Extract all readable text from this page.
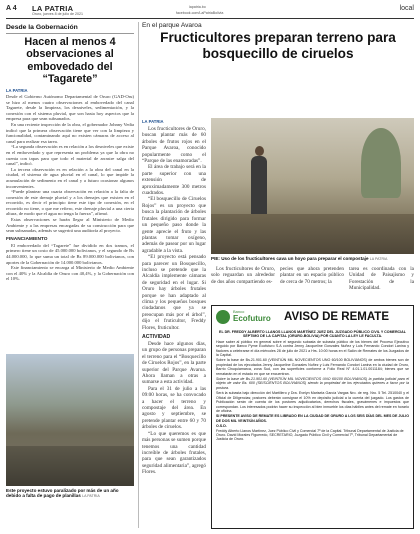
A 4 LA PATRIA
Oruro, jueves 8 de julio de 2021
lapatria.bo
facebook.com/LaPatriaBolivia
local
Desde la Gobernación
Hacen al menos 4 observaciones al embovedado del “Tagarete”
LA PATRIA

Desde el Gobierno Autónomo Departamental de Oruro (GAD-Oru) se hizo al menos cuatro observaciones al embovedado del canal Tagarete, desde la limpieza, los desniveles, sedimentación, y la conexión con el sistema pluvial, que son hasta hoy aspectos que la empresa para que sean subsanados.

En una reciente inspección de la obra, el gobernador Johnny Vedia indicó que la primera observación tiene que ver con la limpieza y funcionalidad, contaminando aquí no existen cámaras de acceso al canal para realizar esa tarea.

“La segunda observación es en relación a los desniveles que existe en el embovedado y que representa un problema ya que la obra no cuenta con tapas para que todo el material de arrastre salga del canal”, indicó.

La tercera observación es en relación a la obra del canal en la ciudad, el sistema de agua pluvial en el canal, lo que impide la acumulación de sedimento en el canal y a futuro ocasionar algunos inconvenientes.

“Puede plantear una cuarta observación en relación a la falta de conexión de este drenaje pluvial y a los drenajes que existen en el recorrido, es decir el principio tiene este tipo de conexión, en el recorrido no tiene, o que me refiero, este drenaje pluvial a una cierta altura, de modo que el agua no tenga la fuerza”, afirmó.

Estas observaciones se harán llegar al Ministerio de Medio Ambiente y a las empresas encargadas de su construcción para que sean subsanadas, además se sugerirá una auditoría al proyecto.

FINANCIAMIENTO

El embovedado del “Tagarete” fue dividido en dos tramos, el primero tiene un costo de 45.000.000 bolivianos, y el segundo de Bs 44.000.000, lo que suma un total de Bs 89.000.000 bolivianos, con aportes de la Gobernación de 14.000.000 bolivianos.

Este financiamiento se encarga al Ministerio de Medio Ambiente con el 40% y la Alcaldía de Oruro con 40,4%, y la Gobernación con el 10%.

Este proyecto estuvo paralizado por más de un año debido a falta de pago de planillas LA PATRIA
En el parque Avaroa
Fructicultores preparan terreno para bosquecillo de ciruelos
LA PATRIA

Los fructicultores de Oruro, buscan plantar más de 60 árboles de frutos rojos en el Parque Avaroa, conocido popularmente como el “Parque de las enamoradas”.

El área de trabajo será en la parte superior con una extensión de aproximadamente 300 metros cuadrados.

“El bosquecillo de Ciruelos Rojos” es un proyecto que busca la plantación de árboles frutales dirigido para formar un pequeño paso donde la gente aprecie el fruto y las plantas tomar oxígeno, además de pasear por un lugar agradable a la vista.

“El proyecto está pensado para parecer un Bosquecillo, incluso se pretende que la Alcaldía implemente cámaras de seguridad en el lugar. Si Oruro hay árboles frutales porque se han adaptado al clima y los pequeños bosques ciudadanos que ya se preocupan más por el árbol”, dijo el fruticultor, Freddy Flores, fruticultor.

ACTIVIDAD

Desde hace algunos días, un grupo de personas preparan el terreno para el “Bosquecillo de Ciruelos Rojos”, en la parte superior del Parque Avaroa. Ahora llaman a otras a sumarse a esta actividad.

Para el 31 de julio a las 09:00 horas, se ha convocado a hacer el terreno y compostaje del área. En agosto y septiembre, se pretende plantar entre 60 y 70 árboles de ciruelos.

“Lo que queremos es que más personas se sumen porque tenemos una cantidad increíble de árboles frutales, para que sean garantizados seguridad alimentaria”, agregó Flores.

PIE: Uso de los fructicultores cava un hoyo para preparar el compostaje LA PATRIA

Los fructicultores de Oruro, solo reguardan un alrededor de dos años compartiendo es-

pecies que ahora pretenden plantar en un espacio público de cerca de 70 metros; la

tarea es coordinada con la Unidad de Paisajismo y Forestación de la Municipalidad.

Banco
Ecofuturo AVISO DE REMATE

EL DR. FREDDY ALBERTO LLANOS LLANOS MARTÍNEZ JUEZ DEL JUZGADO PÚBLICO CIVIL Y COMERCIAL SÉPTIMO DE LA CAPITAL (ORURO-BOLIVIA) POR CUANTO LA LEY LE FACULTA.

Hace saber al público en general sobre el segundo subasta de subasta público de los bienes del Proceso Ejecutivo seguido por Banco Pyme Ecofuturo S.A contra Jenny Jacqueline Gonzales Nuñez y Luis Fernando Condori Lanina y fiadores a celebrarse el día miércoles 28 de julio de 2021 a Hrs. 10:00 horas en el Salón de Remates de los Juzgados de la Capital.

Sobre la base de Bs.21.901.60 (VEINTIÚN MIL NOVECIENTOS UNO 60/100 BOLIVIANOS) de ambos bienes son de propiedad de los ejecutados Jenny Jacqueline Gonzales Nuñez y Luis Fernando Condori Lanina en la ciudad de Oruro, Barrio Chuquiamarca, zona Sud, con las superficies conforme a Folio Real N° 4.01.1.01.0011184; bienes que se rematarán en el estado en que se encuentran.

Sobre la base de Bs.21.901.60 (VEINTIÚN MIL NOVECIENTOS UNO 60/100 BOLIVIANOS) la partida judicial para el objeto de valor Bs. 600 (SEISCIENTOS BOLIVIANOS) siendo la propiedad de los ejecutados quienes a favor por la postura.

Será la subasta bajo dirección del Martillero y Dra. Evelyn Marisela García Vargas Nro. de reg. Nro. 5 Tel. 2510040 y el Oficial de Diligencias; postores deberán consignar el 10% en depósito judicial a la cuenta del juzgado. Los gastos de Publicación serán de cuenta de los postores adjudicatarios, derechos fiscales, gravámenes e impuestos que correspondan. Los interesados podrán hacer su inspección al bien inmueble los días hábiles antes del remate en horario de oficina.

SI PRESENTE AVISO DE REMATE ES LIBRADO EN LA CIUDAD DE ORURO A LOS SEIS DÍAS DEL MES DE JULIO DE DOS MIL VEINTIÚN AÑOS.

O.S.D.

Freddy Alberto Llanos Martínez, Juez Público Civil y Comercial 7º de la Capital. Tribunal Departamental de Justicia de Oruro. David Morales Figueredo, SECRETARIO, Juzgado Público Civil y Comercial 7º, Tribunal Departamental de Justicia de Oruro.
